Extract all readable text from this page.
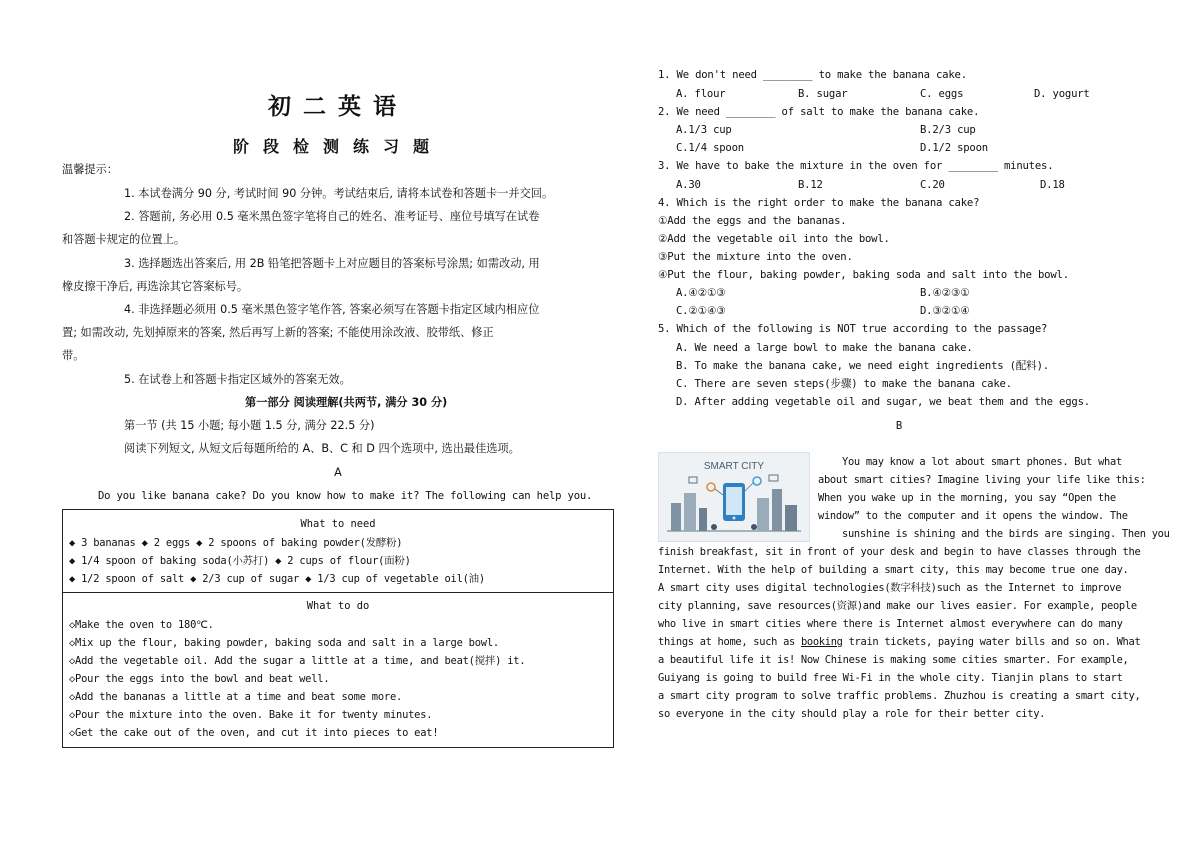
初二英语
阶段检测练习题
温馨提示：
1. 本试卷满分 90 分, 考试时间 90 分钟。考试结束后, 请将本试卷和答题卡一并交回。
2. 答题前, 务必用 0.5 毫米黑色签字笔将自己的姓名、准考证号、座位号填写在试卷
和答题卡规定的位置上。
3. 选择题选出答案后, 用 2B 铅笔把答题卡上对应题目的答案标号涂黑; 如需改动, 用
橡皮擦干净后, 再选涂其它答案标号。
4. 非选择题必须用 0.5 毫米黑色签字笔作答, 答案必须写在答题卡指定区域内相应位
置; 如需改动, 先划掉原来的答案, 然后再写上新的答案; 不能使用涂改液、胶带纸、修正
带。
5. 在试卷上和答题卡指定区域外的答案无效。
第一部分 阅读理解(共两节, 满分 30 分)
第一节 (共 15 小题; 每小题 1.5 分, 满分 22.5 分)
阅读下列短文, 从短文后每题所给的 A、B、C 和 D 四个选项中, 选出最佳选项。
A
Do you like banana cake? Do you know how to make it? The following can help you.
What to need
◆ 3 bananas ◆ 2 eggs ◆ 2 spoons of baking powder(发酵粉)
◆ 1/4 spoon of baking soda(小苏打) ◆ 2 cups of flour(面粉)
◆ 1/2 spoon of salt ◆ 2/3 cup of sugar ◆ 1/3 cup of vegetable oil(油)
What to do
◇Make the oven to 180℃.
◇Mix up the flour, baking powder, baking soda and salt in a large bowl.
◇Add the vegetable oil. Add the sugar a little at a time, and beat(搅拌) it.
◇Pour the eggs into the bowl and beat well.
◇Add the bananas a little at a time and beat some more.
◇Pour the mixture into the oven. Bake it for twenty minutes.
◇Get the cake out of the oven, and cut it into pieces to eat!
1. We don't need ________ to make the banana cake.
A. flour	B. sugar	C. eggs	D. yogurt
2. We need ________ of salt to make the banana cake.
A.1/3 cup	B.2/3 cup
C.1/4 spoon	D.1/2 spoon
3. We have to bake the mixture in the oven for ________ minutes.
A.30	B.12	C.20	D.18
4. Which is the right order to make the banana cake?
①Add the eggs and the bananas.
②Add the vegetable oil into the bowl.
③Put the mixture into the oven.
④Put the flour, baking powder, baking soda and salt into the bowl.
A.④②①③	B.④②③①
C.②①④③	D.③②①④
5. Which of the following is NOT true according to the passage?
A. We need a large bowl to make the banana cake.
B. To make the banana cake, we need eight ingredients (配料).
C. There are seven steps(步骤) to make the banana cake.
D. After adding vegetable oil and sugar, we beat them and the eggs.
B
SMART CITY	You may know a lot about smart phones. But what
about smart cities? Imagine living your life like this:
When you wake up in the morning, you say “Open the
window” to the computer and it opens the window. The
sunshine is shining and the birds are singing. Then you
finish breakfast, sit in front of your desk and begin to have classes through the
Internet. With the help of building a smart city, this may become true one day.
A smart city uses digital technologies(数字科技)such as the Internet to improve
city planning, save resources(资源)and make our lives easier. For example, people
who live in smart cities where there is Internet almost everywhere can do many
things at home, such as booking train tickets, paying water bills and so on. What
a beautiful life it is! Now Chinese is making some cities smarter. For example,
Guiyang is going to build free Wi-Fi in the whole city. Tianjin plans to start
a smart city program to solve traffic problems. Zhuzhou is creating a smart city,
so everyone in the city should play a role for their better city.
